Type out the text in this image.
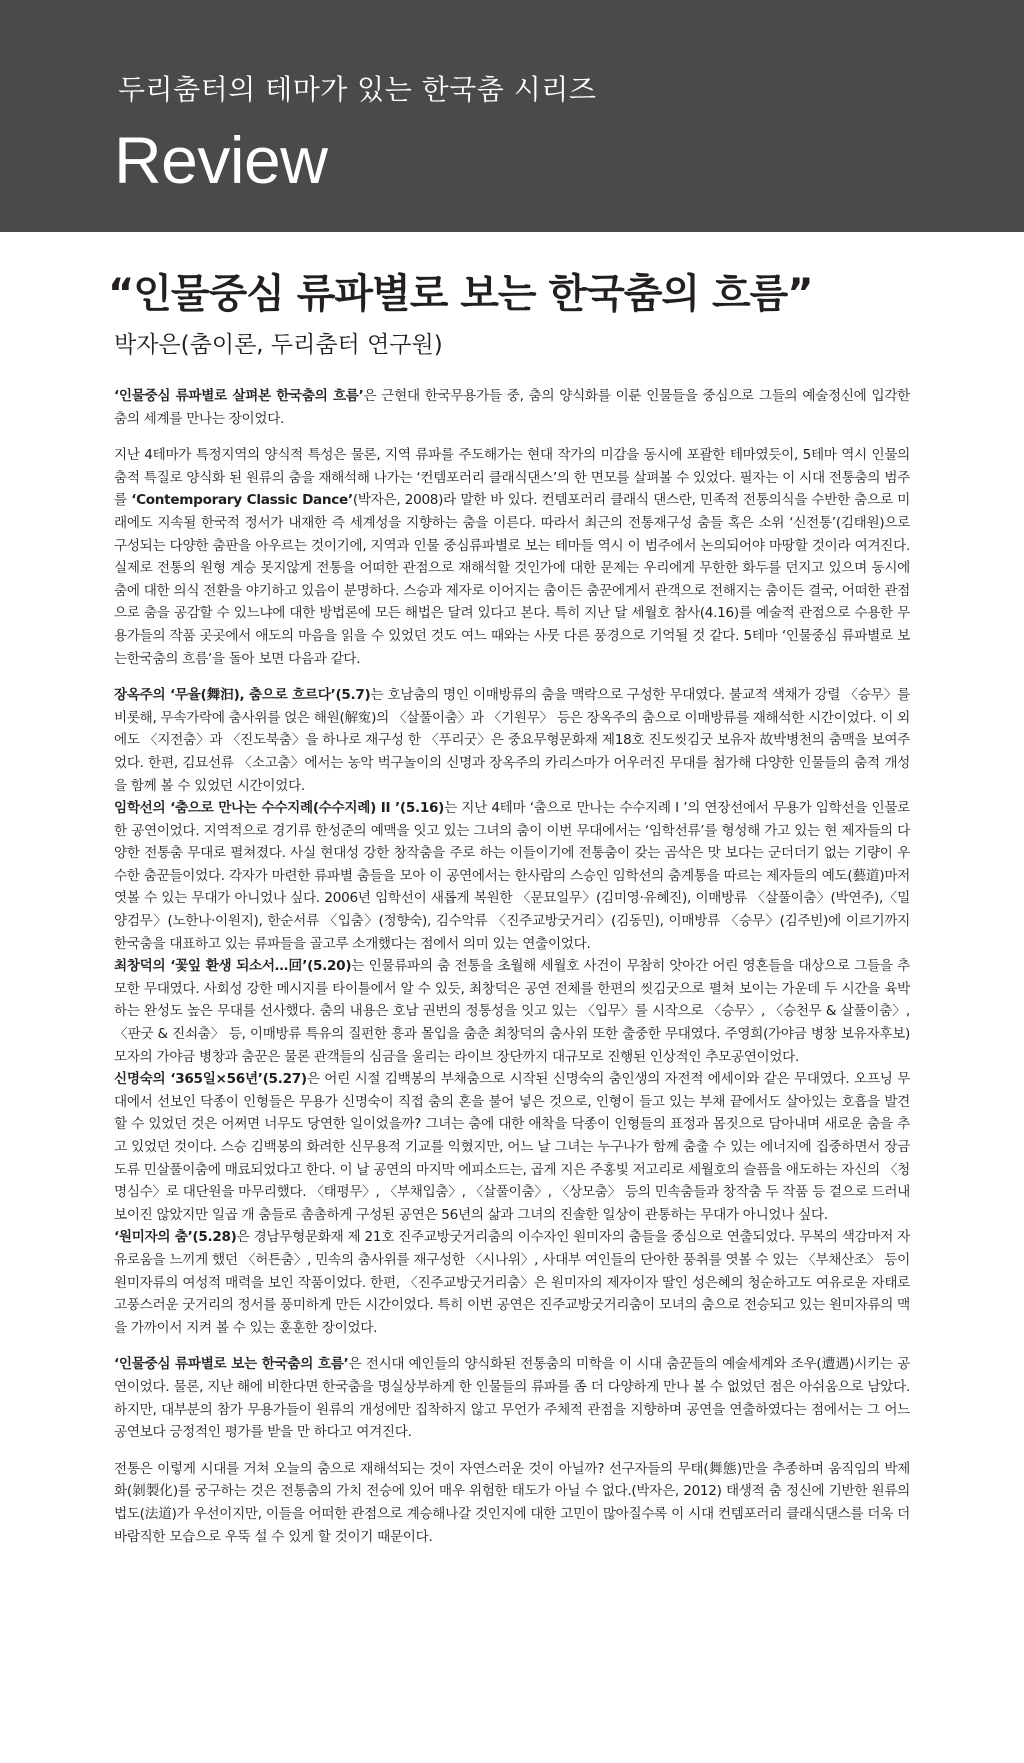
두리춤터의 테마가 있는 한국춤 시리즈
Review
“인물중심 류파별로 보는 한국춤의 흐름”
박자은(춤이론, 두리춤터 연구원)

‘인물중심 류파별로 살펴본 한국춤의 흐름’은 근현대 한국무용가들 중, 춤의 양식화를 이룬 인물들을 중심으로 그들의 예술정신에 입각한 춤의 세계를 만나는 장이었다.

지난 4테마가 특정지역의 양식적 특성은 물론, 지역 류파를 주도해가는 현대 작가의 미감을 동시에 포괄한 테마였듯이, 5테마 역시 인물의 춤적 특질로 양식화 된 원류의 춤을 재해석해 나가는 ‘컨템포러리 클래식댄스’의 한 면모를 살펴볼 수 있었다. 필자는 이 시대 전통춤의 범주를 ‘Contemporary Classic Dance’(박자은, 2008)라 말한 바 있다. 컨템포러리 클래식 댄스란, 민족적 전통의식을 수반한 춤으로 미래에도 지속될 한국적 정서가 내재한 즉 세계성을 지향하는 춤을 이른다. 따라서 최근의 전통재구성 춤들 혹은 소위 ‘신전통’(김태원)으로 구성되는 다양한 춤판을 아우르는 것이기에, 지역과 인물 중심류파별로 보는 테마들 역시 이 범주에서 논의되어야 마땅할 것이라 여겨진다. 실제로 전통의 원형 계승 못지않게 전통을 어떠한 관점으로 재해석할 것인가에 대한 문제는 우리에게 무한한 화두를 던지고 있으며 동시에 춤에 대한 의식 전환을 야기하고 있음이 분명하다. 스승과 제자로 이어지는 춤이든 춤꾼에게서 관객으로 전해지는 춤이든 결국, 어떠한 관점으로 춤을 공감할 수 있느냐에 대한 방법론에 모든 해법은 달려 있다고 본다. 특히 지난 달 세월호 참사(4.16)를 예술적 관점으로 수용한 무용가들의 작품 곳곳에서 애도의 마음을 읽을 수 있었던 것도 여느 때와는 사뭇 다른 풍경으로 기억될 것 같다. 5테마 ‘인물중심 류파별로 보는한국춤의 흐름’을 돌아 보면 다음과 같다.

장옥주의 ‘무율(舞汩), 춤으로 흐르다’(5.7)는 호남춤의 명인 이매방류의 춤을 맥락으로 구성한 무대였다. 불교적 색채가 강렬 〈승무〉를 비롯해, 무속가락에 춤사위를 얹은 해원(解寃)의 〈살풀이춤〉과 〈기원무〉 등은 장옥주의 춤으로 이매방류를 재해석한 시간이었다. 이 외에도 〈지전춤〉과 〈진도북춤〉을 하나로 재구성 한 〈푸리굿〉은 중요무형문화재 제18호 진도씻김굿 보유자 故박병천의 춤맥을 보여주었다. 한편, 김묘선류 〈소고춤〉에서는 농악 벅구놀이의 신명과 장옥주의 카리스마가 어우러진 무대를 첨가해 다양한 인물들의 춤적 개성을 함께 볼 수 있었던 시간이었다.

임학선의 ‘춤으로 만나는 수수지례(수수지례) II ’(5.16)는 지난 4테마 ‘춤으로 만나는 수수지례 I ’의 연장선에서 무용가 임학선을 인물로 한 공연이었다. 지역적으로 경기류 한성준의 예맥을 잇고 있는 그녀의 춤이 이번 무대에서는 ‘임학선류’를 형성해 가고 있는 현 제자들의 다양한 전통춤 무대로 펼쳐졌다. 사실 현대성 강한 창작춤을 주로 하는 이들이기에 전통춤이 갖는 곰삭은 맛 보다는 군더더기 없는 기량이 우수한 춤꾼들이었다. 각자가 마련한 류파별 춤들을 모아 이 공연에서는 한사람의 스승인 임학선의 춤계통을 따르는 제자들의 예도(藝道)마저 엿볼 수 있는 무대가 아니었나 싶다. 2006년 임학선이 새롭게 복원한 〈문묘일무〉(김미영·유혜진), 이매방류 〈살풀이춤〉(박연주),〈밀양검무〉(노한나·이원지), 한순서류 〈입춤〉(정향숙), 김수악류 〈진주교방굿거리〉(김동민), 이매방류 〈승무〉(김주빈)에 이르기까지 한국춤을 대표하고 있는 류파들을 골고루 소개했다는 점에서 의미 있는 연출이었다.

최창덕의 ‘꽃잎 환생 되소서…回’(5.20)는 인물류파의 춤 전통을 초월해 세월호 사건이 무참히 앗아간 어린 영혼들을 대상으로 그들을 추모한 무대였다. 사회성 강한 메시지를 타이틀에서 알 수 있듯, 최창덕은 공연 전체를 한편의 씻김굿으로 펼쳐 보이는 가운데 두 시간을 육박하는 완성도 높은 무대를 선사했다. 춤의 내용은 호남 권번의 정통성을 잇고 있는 〈입무〉를 시작으로 〈승무〉, 〈승천무 & 살풀이춤〉, 〈판굿 & 진쇠춤〉 등, 이매방류 특유의 질펀한 흥과 몰입을 춤춘 최창덕의 춤사위 또한 출중한 무대였다. 주영희(가야금 병창 보유자후보)모자의 가야금 병창과 춤꾼은 물론 관객들의 심금을 울리는 라이브 장단까지 대규모로 진행된 인상적인 추모공연이었다.

신명숙의 ‘365일×56년’(5.27)은 어린 시절 김백봉의 부채춤으로 시작된 신명숙의 춤인생의 자전적 에세이와 같은 무대였다. 오프닝 무대에서 선보인 닥종이 인형들은 무용가 신명숙이 직접 춤의 혼을 불어 넣은 것으로, 인형이 들고 있는 부채 끝에서도 살아있는 호흡을 발견할 수 있었던 것은 어쩌면 너무도 당연한 일이었을까? 그녀는 춤에 대한 애착을 닥종이 인형들의 표정과 몸짓으로 담아내며 새로운 춤을 추고 있었던 것이다. 스승 김백봉의 화려한 신무용적 기교를 익혔지만, 어느 날 그녀는 누구나가 함께 춤출 수 있는 에너지에 집중하면서 장금도류 민살풀이춤에 매료되었다고 한다. 이 날 공연의 마지막 에피소드는, 곱게 지은 주홍빛 저고리로 세월호의 슬픔을 애도하는 자신의 〈청명심수〉로 대단원을 마무리했다. 〈태평무〉, 〈부채입춤〉, 〈살풀이춤〉, 〈상모춤〉 등의 민속춤들과 창작춤 두 작품 등 겉으로 드러내 보이진 않았지만 일곱 개 춤들로 촘촘하게 구성된 공연은 56년의 삶과 그녀의 진솔한 일상이 관통하는 무대가 아니었나 싶다.

‘원미자의 춤’(5.28)은 경남무형문화재 제 21호 진주교방굿거리춤의 이수자인 원미자의 춤들을 중심으로 연출되었다. 무복의 색감마저 자유로움을 느끼게 했던 〈허튼춤〉, 민속의 춤사위를 재구성한 〈시나위〉, 사대부 여인들의 단아한 풍취를 엿볼 수 있는 〈부채산조〉 등이 원미자류의 여성적 매력을 보인 작품이었다. 한편, 〈진주교방굿거리춤〉은 원미자의 제자이자 딸인 성은혜의 청순하고도 여유로운 자태로 고풍스러운 굿거리의 정서를 풍미하게 만든 시간이었다. 특히 이번 공연은 진주교방굿거리춤이 모녀의 춤으로 전승되고 있는 원미자류의 맥을 가까이서 지켜 볼 수 있는 훈훈한 장이었다.

‘인물중심 류파별로 보는 한국춤의 흐름’은 전시대 예인들의 양식화된 전통춤의 미학을 이 시대 춤꾼들의 예술세계와 조우(遭遇)시키는 공연이었다. 물론, 지난 해에 비한다면 한국춤을 명실상부하게 한 인물들의 류파를 좀 더 다양하게 만나 볼 수 없었던 점은 아쉬움으로 남았다. 하지만, 대부분의 참가 무용가들이 원류의 개성에만 집착하지 않고 무언가 주체적 관점을 지향하며 공연을 연출하였다는 점에서는 그 어느 공연보다 긍정적인 평가를 받을 만 하다고 여겨진다.

전통은 이렇게 시대를 거쳐 오늘의 춤으로 재해석되는 것이 자연스러운 것이 아닐까? 선구자들의 무태(舞態)만을 추종하며 움직임의 박제화(剝製化)를 궁구하는 것은 전통춤의 가치 전승에 있어 매우 위험한 태도가 아닐 수 없다.(박자은, 2012) 태생적 춤 정신에 기반한 원류의 법도(法道)가 우선이지만, 이들을 어떠한 관점으로 계승해나갈 것인지에 대한 고민이 많아질수록 이 시대 컨템포러리 클래식댄스를 더욱 더 바람직한 모습으로 우뚝 설 수 있게 할 것이기 때문이다.
